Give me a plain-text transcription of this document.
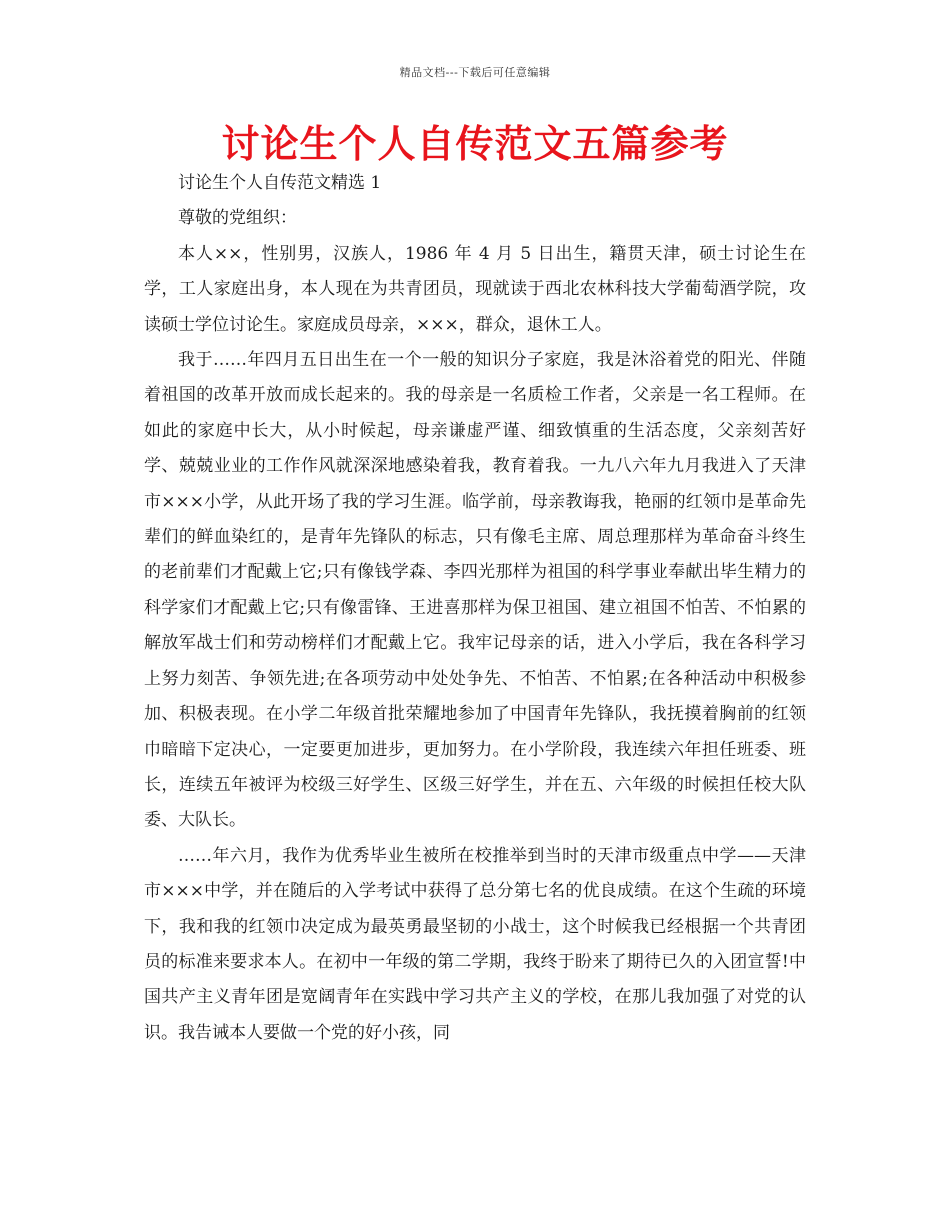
精品文档---下载后可任意编辑
讨论生个人自传范文五篇参考

讨论生个人自传范文精选 1

尊敬的党组织：

本人××，性别男，汉族人，1986 年 4 月 5 日出生，籍贯天津，硕士讨论生在学，工人家庭出身，本人现在为共青团员，现就读于西北农林科技大学葡萄酒学院，攻读硕士学位讨论生。家庭成员母亲，×××，群众，退休工人。

我于……年四月五日出生在一个一般的知识分子家庭，我是沐浴着党的阳光、伴随着祖国的改革开放而成长起来的。我的母亲是一名质检工作者，父亲是一名工程师。在如此的家庭中长大，从小时候起，母亲谦虚严谨、细致慎重的生活态度，父亲刻苦好学、兢兢业业的工作作风就深深地感染着我，教育着我。一九八六年九月我进入了天津市×××小学，从此开场了我的学习生涯。临学前，母亲教诲我，艳丽的红领巾是革命先辈们的鲜血染红的，是青年先锋队的标志，只有像毛主席、周总理那样为革命奋斗终生的老前辈们才配戴上它;只有像钱学森、李四光那样为祖国的科学事业奉献出毕生精力的科学家们才配戴上它;只有像雷锋、王进喜那样为保卫祖国、建立祖国不怕苦、不怕累的解放军战士们和劳动榜样们才配戴上它。我牢记母亲的话，进入小学后，我在各科学习上努力刻苦、争领先进;在各项劳动中处处争先、不怕苦、不怕累;在各种活动中积极参加、积极表现。在小学二年级首批荣耀地参加了中国青年先锋队，我抚摸着胸前的红领巾暗暗下定决心，一定要更加进步，更加努力。在小学阶段，我连续六年担任班委、班长，连续五年被评为校级三好学生、区级三好学生，并在五、六年级的时候担任校大队委、大队长。

……年六月，我作为优秀毕业生被所在校推举到当时的天津市级重点中学——天津市×××中学，并在随后的入学考试中获得了总分第七名的优良成绩。在这个生疏的环境下，我和我的红领巾决定成为最英勇最坚韧的小战士，这个时候我已经根据一个共青团员的标准来要求本人。在初中一年级的第二学期，我终于盼来了期待已久的入团宣誓!中国共产主义青年团是宽阔青年在实践中学习共产主义的学校，在那儿我加强了对党的认识。我告诫本人要做一个党的好小孩，同
